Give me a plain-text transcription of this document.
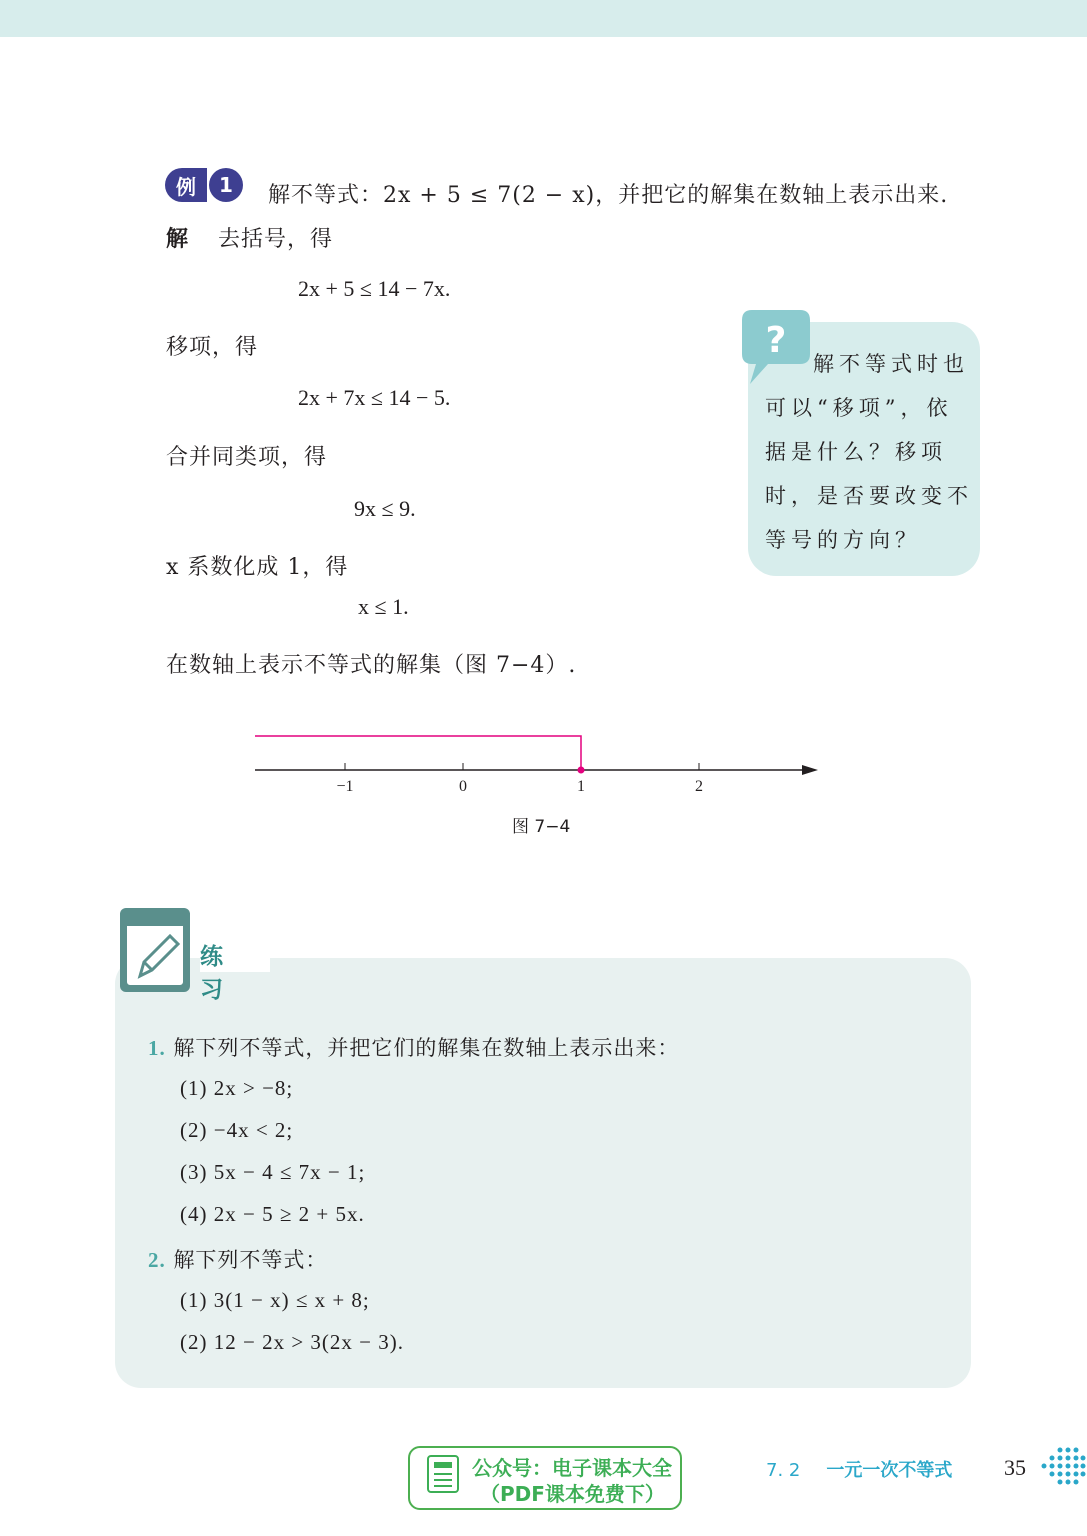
例	1	解不等式：2x + 5 ≤ 7(2 − x)，并把它的解集在数轴上表示出来.
解 去括号，得
2x + 5 ≤ 14 − 7x.
移项，得
2x + 7x ≤ 14 − 5.
合并同类项，得
9x ≤ 9.
x 系数化成 1，得
x ≤ 1.
在数轴上表示不等式的解集（图 7−4）.
?
解不等式时也可以“移项”，依据是什么？移项时，是否要改变不等号的方向？
−1	0	1	2
图 7−4
练 习
1. 解下列不等式，并把它们的解集在数轴上表示出来：
(1) 2x > −8;
(2) −4x < 2;
(3) 5x − 4 ≤ 7x − 1;
(4) 2x − 5 ≥ 2 + 5x.
2. 解下列不等式：
(1) 3(1 − x) ≤ x + 8;
(2) 12 − 2x > 3(2x − 3).
公众号：电子课本大全
（PDF课本免费下）
7. 2 一元一次不等式 35
